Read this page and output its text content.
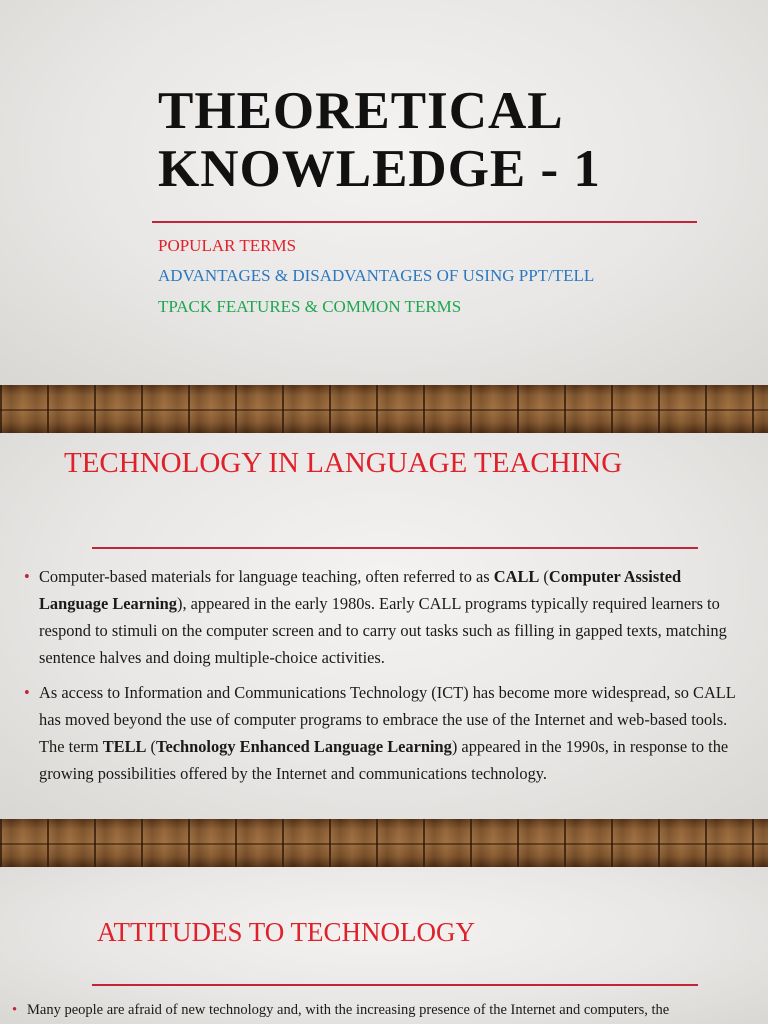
THEORETICAL
KNOWLEDGE - 1

POPULAR TERMS

ADVANTAGES & DISADVANTAGES OF USING PPT/TELL

TPACK FEATURES & COMMON TERMS

TECHNOLOGY IN LANGUAGE TEACHING
• Computer-based materials for language teaching, often referred to as CALL (Computer Assisted Language Learning), appeared in the early 1980s. Early CALL programs typically required learners to respond to stimuli on the computer screen and to carry out tasks such as filling in gapped texts, matching sentence halves and doing multiple-choice activities.
• As access to Information and Communications Technology (ICT) has become more widespread, so CALL has moved beyond the use of computer programs to embrace the use of the Internet and web-based tools. The term TELL (Technology Enhanced Language Learning) appeared in the 1990s, in response to the growing possibilities offered by the Internet and communications technology.
ATTITUDES TO TECHNOLOGY
• Many people are afraid of new technology and, with the increasing presence of the Internet and computers, the
